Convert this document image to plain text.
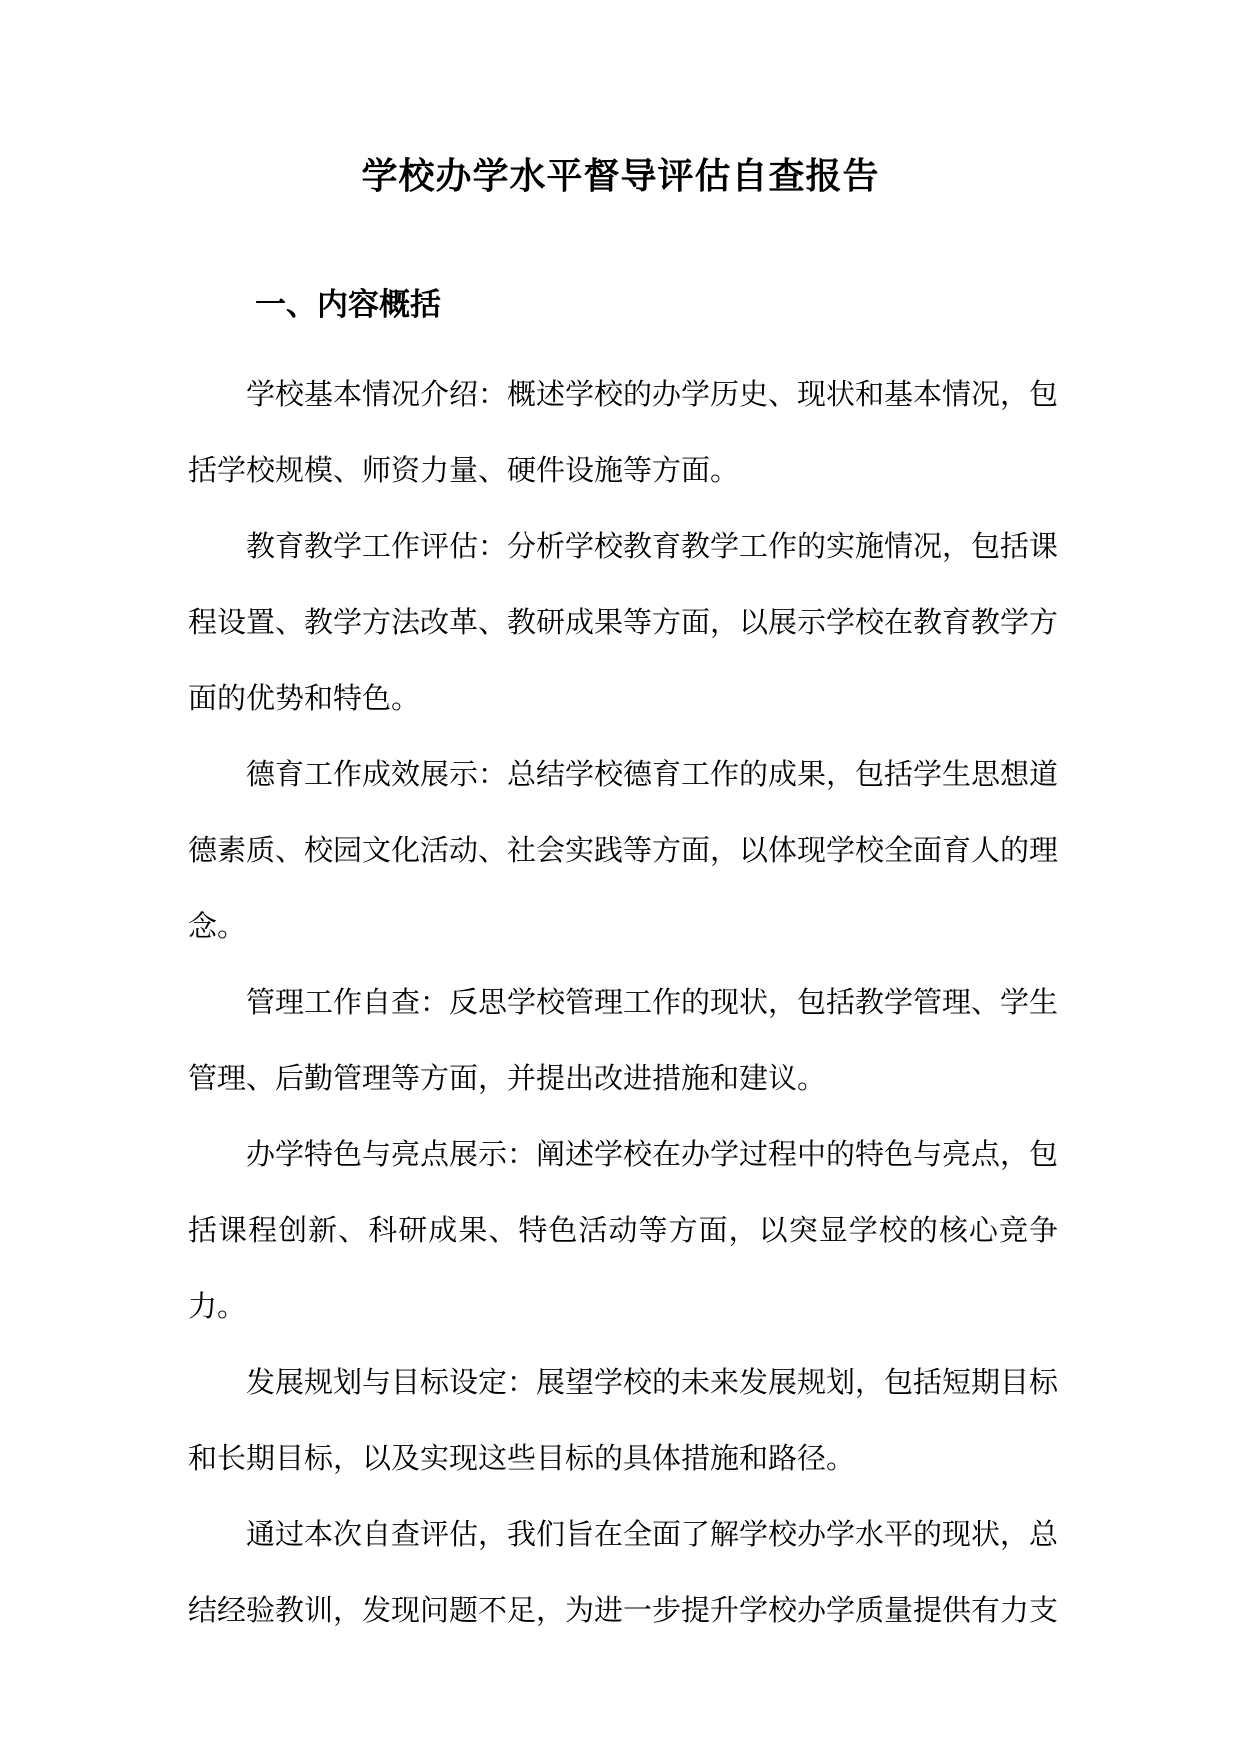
学校办学水平督导评估自查报告
一、内容概括

学校基本情况介绍：概述学校的办学历史、现状和基本情况，包括学校规模、师资力量、硬件设施等方面。

教育教学工作评估：分析学校教育教学工作的实施情况，包括课程设置、教学方法改革、教研成果等方面，以展示学校在教育教学方面的优势和特色。

德育工作成效展示：总结学校德育工作的成果，包括学生思想道德素质、校园文化活动、社会实践等方面，以体现学校全面育人的理念。

管理工作自查：反思学校管理工作的现状，包括教学管理、学生管理、后勤管理等方面，并提出改进措施和建议。

办学特色与亮点展示：阐述学校在办学过程中的特色与亮点，包括课程创新、科研成果、特色活动等方面，以突显学校的核心竞争力。

发展规划与目标设定：展望学校的未来发展规划，包括短期目标和长期目标，以及实现这些目标的具体措施和路径。

通过本次自查评估，我们旨在全面了解学校办学水平的现状，总结经验教训，发现问题不足，为进一步提升学校办学质量提供有力支
